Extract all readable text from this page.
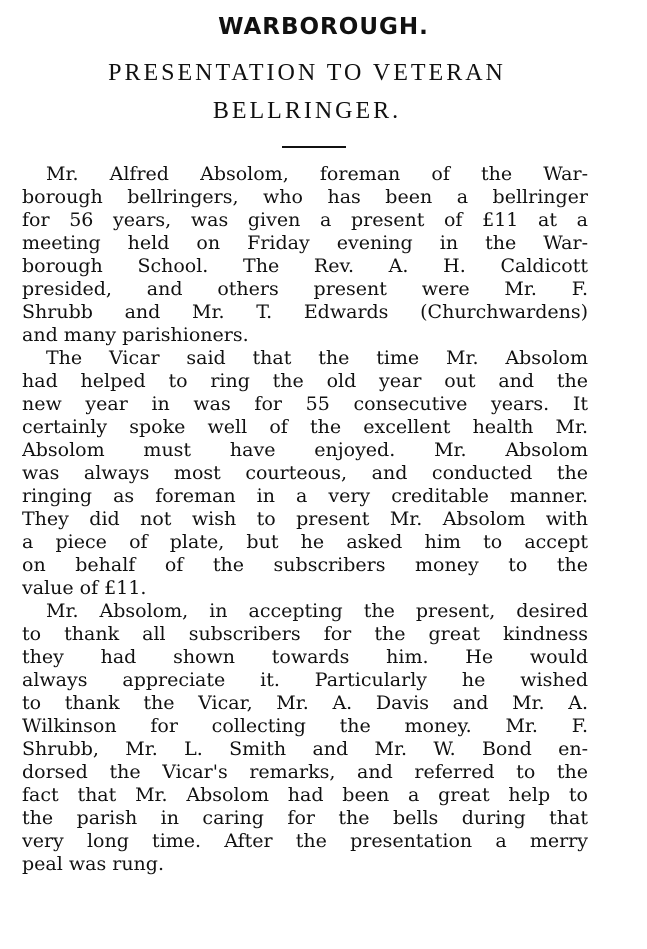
WARBOROUGH.
PRESENTATION TO VETERAN
BELLRINGER.
Mr. Alfred Absolom, foreman of the War-
borough bellringers, who has been a bellringer
for 56 years, was given a present of £11 at a
meeting held on Friday evening in the War-
borough School. The Rev. A. H. Caldicott
presided, and others present were Mr. F.
Shrubb and Mr. T. Edwards (Churchwardens)
and many parishioners.
The Vicar said that the time Mr. Absolom
had helped to ring the old year out and the
new year in was for 55 consecutive years. It
certainly spoke well of the excellent health Mr.
Absolom must have enjoyed. Mr. Absolom
was always most courteous, and conducted the
ringing as foreman in a very creditable manner.
They did not wish to present Mr. Absolom with
a piece of plate, but he asked him to accept
on behalf of the subscribers money to the
value of £11.
Mr. Absolom, in accepting the present, desired
to thank all subscribers for the great kindness
they had shown towards him. He would
always appreciate it. Particularly he wished
to thank the Vicar, Mr. A. Davis and Mr. A.
Wilkinson for collecting the money. Mr. F.
Shrubb, Mr. L. Smith and Mr. W. Bond en-
dorsed the Vicar's remarks, and referred to the
fact that Mr. Absolom had been a great help to
the parish in caring for the bells during that
very long time. After the presentation a merry
peal was rung.
